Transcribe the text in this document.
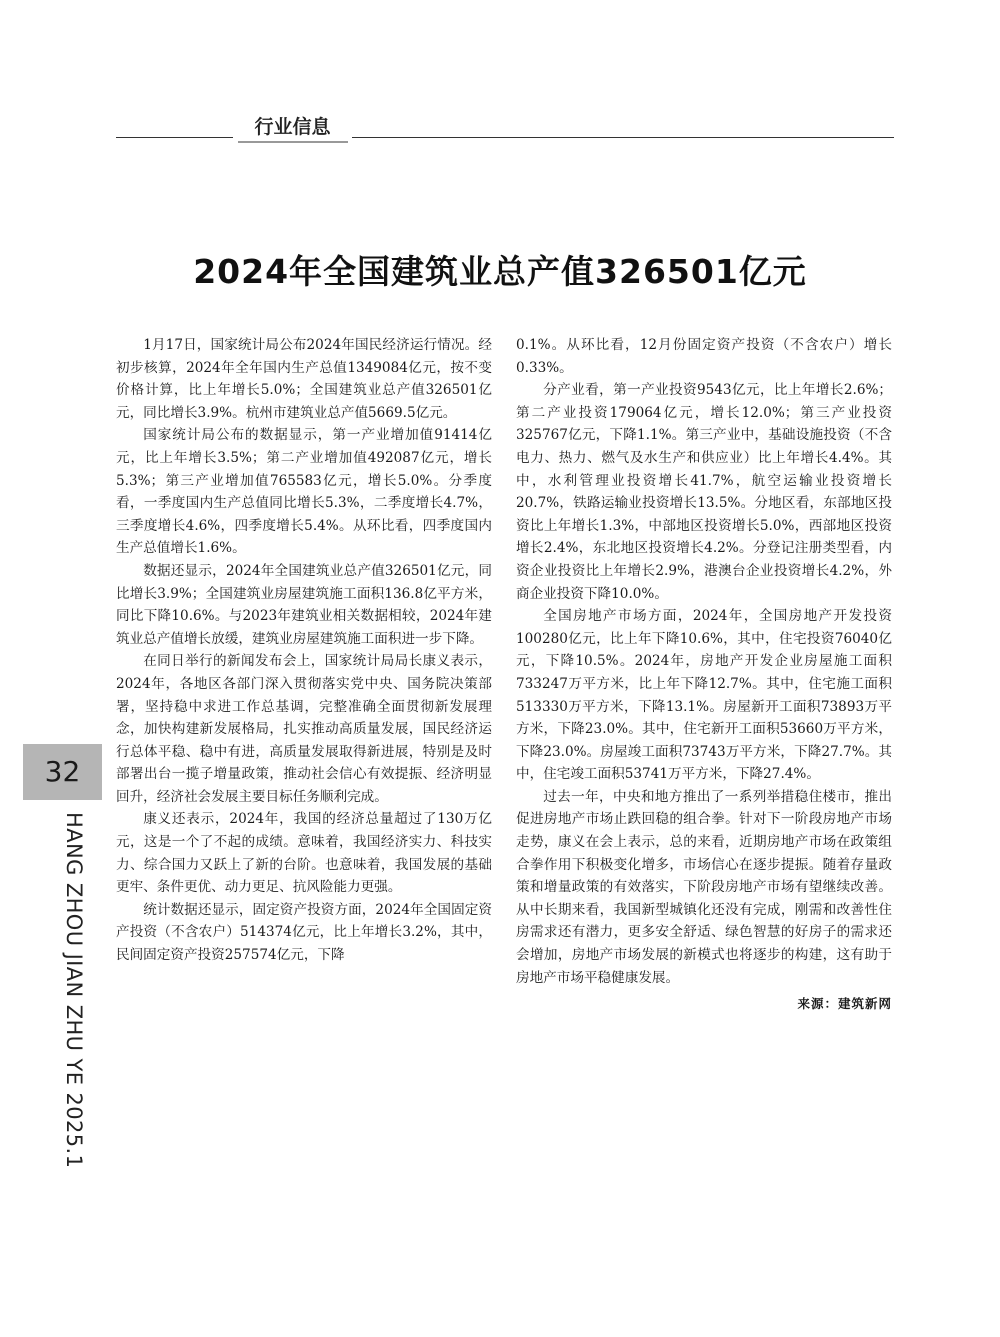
行业信息
2024年全国建筑业总产值326501亿元

1月17日，国家统计局公布2024年国民经济运行情况。经初步核算，2024年全年国内生产总值1349084亿元，按不变价格计算，比上年增长5.0%；全国建筑业总产值326501亿元，同比增长3.9%。杭州市建筑业总产值5669.5亿元。

国家统计局公布的数据显示，第一产业增加值91414亿元，比上年增长3.5%；第二产业增加值492087亿元，增长5.3%；第三产业增加值765583亿元，增长5.0%。分季度看，一季度国内生产总值同比增长5.3%，二季度增长4.7%，三季度增长4.6%，四季度增长5.4%。从环比看，四季度国内生产总值增长1.6%。

数据还显示，2024年全国建筑业总产值326501亿元，同比增长3.9%；全国建筑业房屋建筑施工面积136.8亿平方米，同比下降10.6%。与2023年建筑业相关数据相较，2024年建筑业总产值增长放缓，建筑业房屋建筑施工面积进一步下降。

在同日举行的新闻发布会上，国家统计局局长康义表示，2024年，各地区各部门深入贯彻落实党中央、国务院决策部署，坚持稳中求进工作总基调，完整准确全面贯彻新发展理念，加快构建新发展格局，扎实推动高质量发展，国民经济运行总体平稳、稳中有进，高质量发展取得新进展，特别是及时部署出台一揽子增量政策，推动社会信心有效提振、经济明显回升，经济社会发展主要目标任务顺利完成。

康义还表示，2024年，我国的经济总量超过了130万亿元，这是一个了不起的成绩。意味着，我国经济实力、科技实力、综合国力又跃上了新的台阶。也意味着，我国发展的基础更牢、条件更优、动力更足、抗风险能力更强。

统计数据还显示，固定资产投资方面，2024年全国固定资产投资（不含农户）514374亿元，比上年增长3.2%，其中，民间固定资产投资257574亿元，下降

0.1%。从环比看，12月份固定资产投资（不含农户）增长0.33%。

分产业看，第一产业投资9543亿元，比上年增长2.6%；第二产业投资179064亿元，增长12.0%；第三产业投资325767亿元，下降1.1%。第三产业中，基础设施投资（不含电力、热力、燃气及水生产和供应业）比上年增长4.4%。其中，水利管理业投资增长41.7%，航空运输业投资增长20.7%，铁路运输业投资增长13.5%。分地区看，东部地区投资比上年增长1.3%，中部地区投资增长5.0%，西部地区投资增长2.4%，东北地区投资增长4.2%。分登记注册类型看，内资企业投资比上年增长2.9%，港澳台企业投资增长4.2%，外商企业投资下降10.0%。

全国房地产市场方面，2024年，全国房地产开发投资100280亿元，比上年下降10.6%，其中，住宅投资76040亿元，下降10.5%。2024年，房地产开发企业房屋施工面积733247万平方米，比上年下降12.7%。其中，住宅施工面积513330万平方米，下降13.1%。房屋新开工面积73893万平方米，下降23.0%。其中，住宅新开工面积53660万平方米，下降23.0%。房屋竣工面积73743万平方米，下降27.7%。其中，住宅竣工面积53741万平方米，下降27.4%。

过去一年，中央和地方推出了一系列举措稳住楼市，推出促进房地产市场止跌回稳的组合拳。针对下一阶段房地产市场走势，康义在会上表示，总的来看，近期房地产市场在政策组合拳作用下积极变化增多，市场信心在逐步提振。随着存量政策和增量政策的有效落实，下阶段房地产市场有望继续改善。从中长期来看，我国新型城镇化还没有完成，刚需和改善性住房需求还有潜力，更多安全舒适、绿色智慧的好房子的需求还会增加，房地产市场发展的新模式也将逐步的构建，这有助于房地产市场平稳健康发展。

来源：建筑新网
32
HANG ZHOU JIAN ZHU YE 2025.1
